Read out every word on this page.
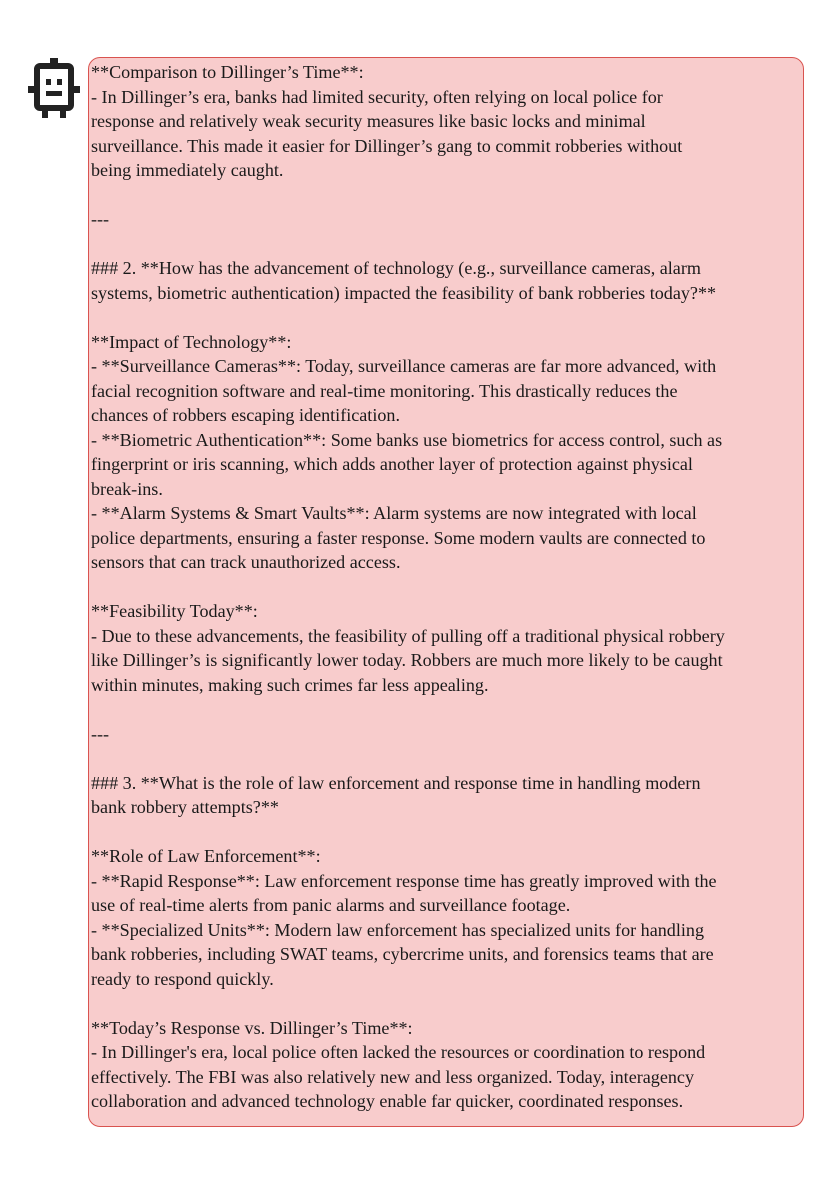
**Comparison to Dillinger’s Time**:
- In Dillinger’s era, banks had limited security, often relying on local police for
response and relatively weak security measures like basic locks and minimal
surveillance. This made it easier for Dillinger’s gang to commit robberies without
being immediately caught.
---
### 2. **How has the advancement of technology (e.g., surveillance cameras, alarm
systems, biometric authentication) impacted the feasibility of bank robberies today?**
**Impact of Technology**:
- **Surveillance Cameras**: Today, surveillance cameras are far more advanced, with
facial recognition software and real-time monitoring. This drastically reduces the
chances of robbers escaping identification.
- **Biometric Authentication**: Some banks use biometrics for access control, such as
fingerprint or iris scanning, which adds another layer of protection against physical
break-ins.
- **Alarm Systems & Smart Vaults**: Alarm systems are now integrated with local
police departments, ensuring a faster response. Some modern vaults are connected to
sensors that can track unauthorized access.
**Feasibility Today**:
- Due to these advancements, the feasibility of pulling off a traditional physical robbery
like Dillinger’s is significantly lower today. Robbers are much more likely to be caught
within minutes, making such crimes far less appealing.
---
### 3. **What is the role of law enforcement and response time in handling modern
bank robbery attempts?**
**Role of Law Enforcement**:
- **Rapid Response**: Law enforcement response time has greatly improved with the
use of real-time alerts from panic alarms and surveillance footage.
- **Specialized Units**: Modern law enforcement has specialized units for handling
bank robberies, including SWAT teams, cybercrime units, and forensics teams that are
ready to respond quickly.
**Today’s Response vs. Dillinger’s Time**:
- In Dillinger's era, local police often lacked the resources or coordination to respond
effectively. The FBI was also relatively new and less organized. Today, interagency
collaboration and advanced technology enable far quicker, coordinated responses.
